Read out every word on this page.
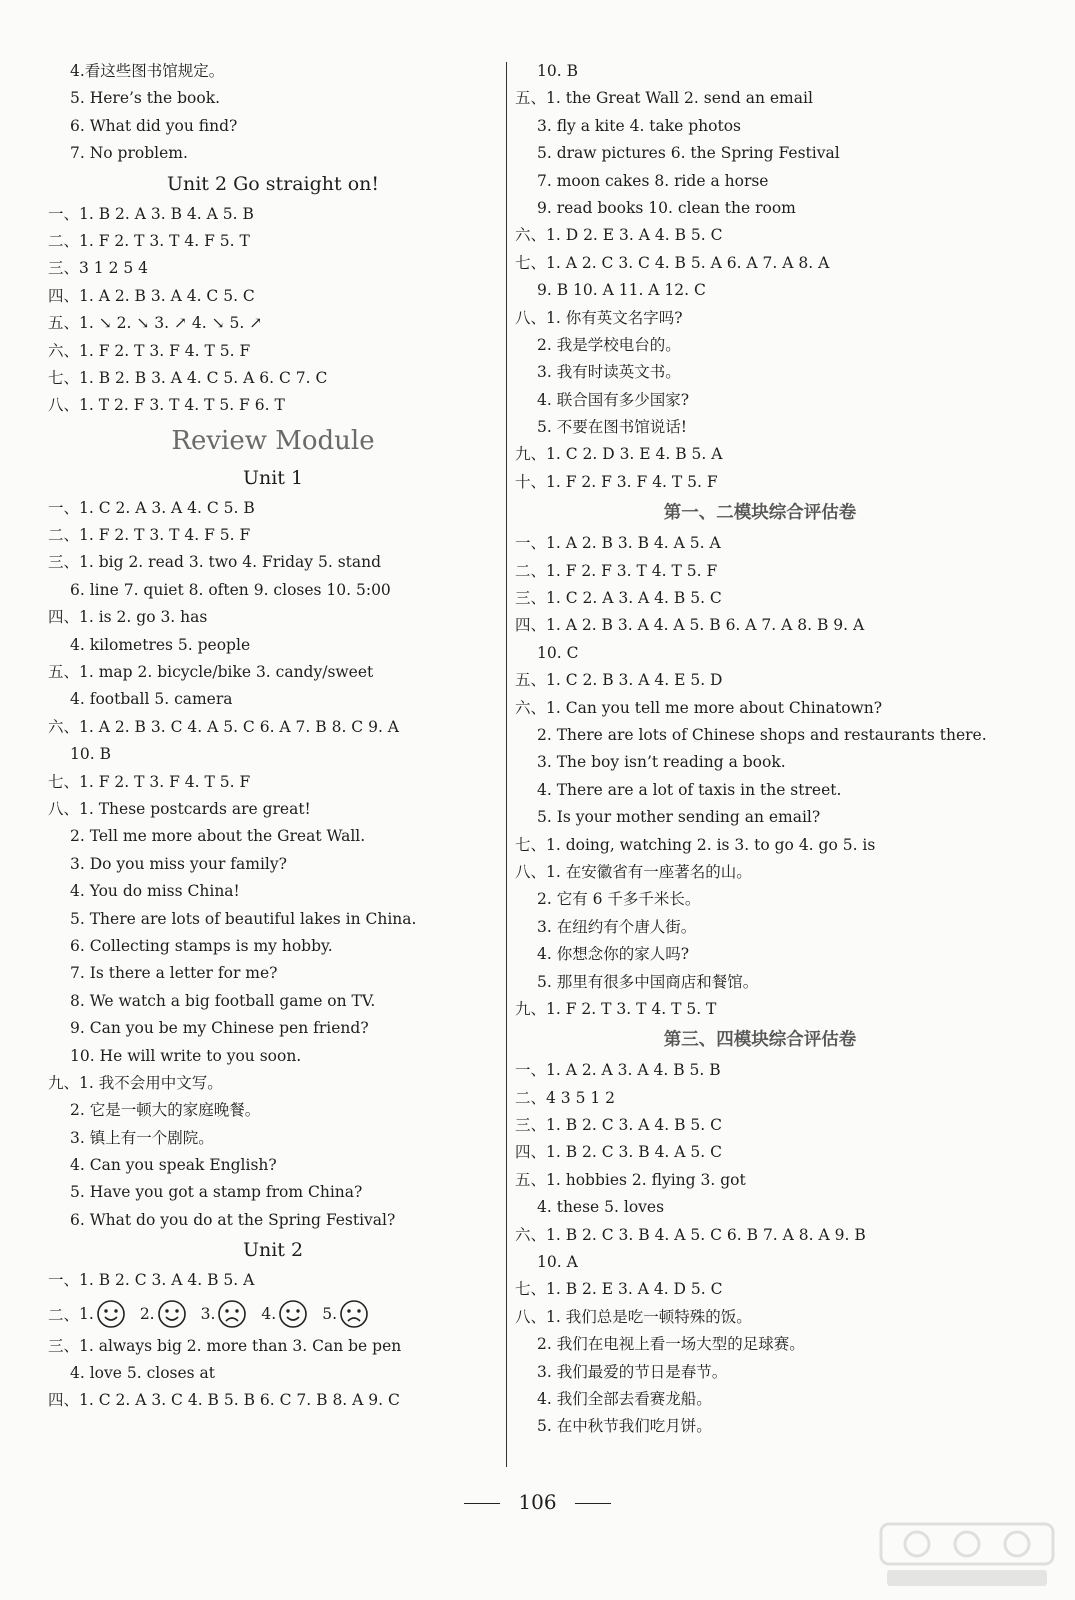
4.看这些图书馆规定。
5. Here’s the book.
6. What did you find?
7. No problem.
Unit 2 Go straight on!
一、1. B 2. A 3. B 4. A 5. B
二、1. F 2. T 3. T 4. F 5. T
三、3 1 2 5 4
四、1. A 2. B 3. A 4. C 5. C
五、1. ↘ 2. ↘ 3. ↗ 4. ↘ 5. ↗
六、1. F 2. T 3. F 4. T 5. F
七、1. B 2. B 3. A 4. C 5. A 6. C 7. C
八、1. T 2. F 3. T 4. T 5. F 6. T
Review Module
Unit 1
一、1. C 2. A 3. A 4. C 5. B
二、1. F 2. T 3. T 4. F 5. F
三、1. big 2. read 3. two 4. Friday 5. stand
6. line 7. quiet 8. often 9. closes 10. 5:00
四、1. is 2. go 3. has
4. kilometres 5. people
五、1. map 2. bicycle/bike 3. candy/sweet
4. football 5. camera
六、1. A 2. B 3. C 4. A 5. C 6. A 7. B 8. C 9. A
10. B
七、1. F 2. T 3. F 4. T 5. F
八、1. These postcards are great!
2. Tell me more about the Great Wall.
3. Do you miss your family?
4. You do miss China!
5. There are lots of beautiful lakes in China.
6. Collecting stamps is my hobby.
7. Is there a letter for me?
8. We watch a big football game on TV.
9. Can you be my Chinese pen friend?
10. He will write to you soon.
九、1. 我不会用中文写。
2. 它是一顿大的家庭晚餐。
3. 镇上有一个剧院。
4. Can you speak English?
5. Have you got a stamp from China?
6. What do you do at the Spring Festival?
Unit 2
一、1. B 2. C 3. A 4. B 5. A
二、 1.	2.	3.	4.	5.
三、1. always big 2. more than 3. Can be pen
4. love 5. closes at
四、1. C 2. A 3. C 4. B 5. B 6. C 7. B 8. A 9. C
10. B
五、1. the Great Wall 2. send an email
3. fly a kite 4. take photos
5. draw pictures 6. the Spring Festival
7. moon cakes 8. ride a horse
9. read books 10. clean the room
六、1. D 2. E 3. A 4. B 5. C
七、1. A 2. C 3. C 4. B 5. A 6. A 7. A 8. A
9. B 10. A 11. A 12. C
八、1. 你有英文名字吗?
2. 我是学校电台的。
3. 我有时读英文书。
4. 联合国有多少国家?
5. 不要在图书馆说话!
九、1. C 2. D 3. E 4. B 5. A
十、1. F 2. F 3. F 4. T 5. F
第一、二模块综合评估卷
一、1. A 2. B 3. B 4. A 5. A
二、1. F 2. F 3. T 4. T 5. F
三、1. C 2. A 3. A 4. B 5. C
四、1. A 2. B 3. A 4. A 5. B 6. A 7. A 8. B 9. A
10. C
五、1. C 2. B 3. A 4. E 5. D
六、1. Can you tell me more about Chinatown?
2. There are lots of Chinese shops and restaurants there.
3. The boy isn’t reading a book.
4. There are a lot of taxis in the street.
5. Is your mother sending an email?
七、1. doing, watching 2. is 3. to go 4. go 5. is
八、1. 在安徽省有一座著名的山。
2. 它有 6 千多千米长。
3. 在纽约有个唐人街。
4. 你想念你的家人吗?
5. 那里有很多中国商店和餐馆。
九、1. F 2. T 3. T 4. T 5. T
第三、四模块综合评估卷
一、1. A 2. A 3. A 4. B 5. B
二、4 3 5 1 2
三、1. B 2. C 3. A 4. B 5. C
四、1. B 2. C 3. B 4. A 5. C
五、1. hobbies 2. flying 3. got
4. these 5. loves
六、1. B 2. C 3. B 4. A 5. C 6. B 7. A 8. A 9. B
10. A
七、1. B 2. E 3. A 4. D 5. C
八、1. 我们总是吃一顿特殊的饭。
2. 我们在电视上看一场大型的足球赛。
3. 我们最爱的节日是春节。
4. 我们全部去看赛龙船。
5. 在中秋节我们吃月饼。
106
